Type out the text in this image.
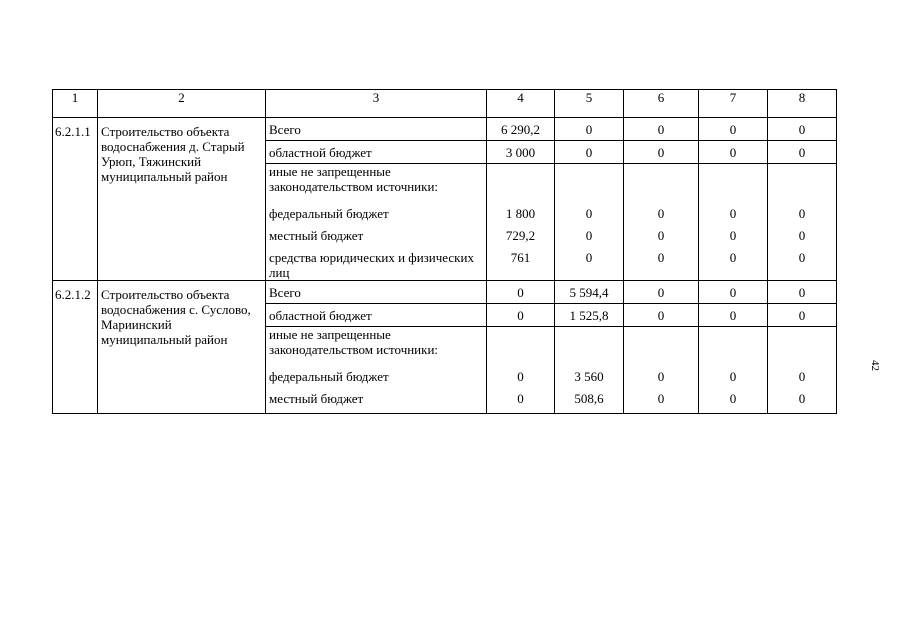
1	2	3	4	5	6	7	8
6.2.1.1	Строительство объекта водоснабжения д. Старый Урюп, Тяжинский муниципальный район	Всего	6 290,2	0	0	0	0
		областной бюджет	3 000	0	0	0	0
		иные не запрещенные законодательством источники:					
		федеральный бюджет	1 800	0	0	0	0
		местный бюджет	729,2	0	0	0	0
		средства юридических и физических лиц	761	0	0	0	0
6.2.1.2	Строительство объекта водоснабжения с. Суслово, Мариинский муниципальный район	Всего	0	5 594,4	0	0	0
		областной бюджет	0	1 525,8	0	0	0
		иные не запрещенные законодательством источники:					
		федеральный бюджет	0	3 560	0	0	0
		местный бюджет	0	508,6	0	0	0
42
